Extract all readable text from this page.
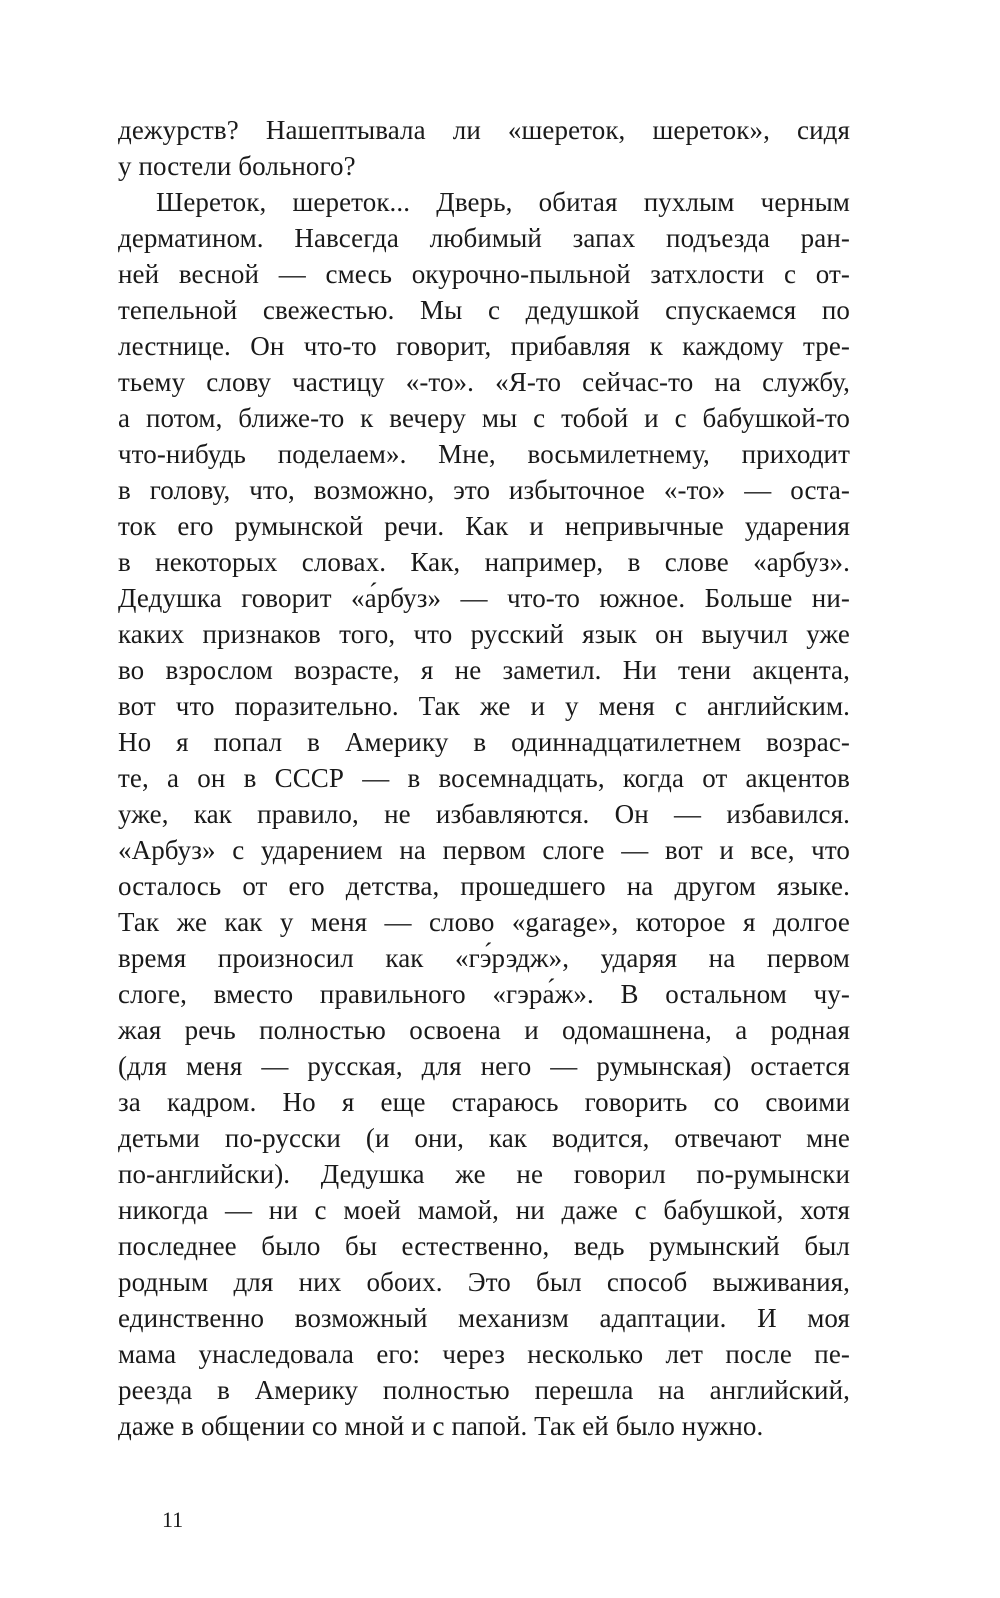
дежурств? Нашептывала ли «шереток, шереток», сидя
у постели больного?
Шереток, шереток... Дверь, обитая пухлым черным
дерматином. Навсегда любимый запах подъезда ран-
ней весной — смесь окурочно-пыльной затхлости с от-
тепельной свежестью. Мы с дедушкой спускаемся по
лестнице. Он что-то говорит, прибавляя к каждому тре-
тьему слову частицу «-то». «Я-то сейчас-то на службу,
а потом, ближе-то к вечеру мы с тобой и с бабушкой-то
что-нибудь поделаем». Мне, восьмилетнему, приходит
в голову, что, возможно, это избыточное «-то» — оста-
ток его румынской речи. Как и непривычные ударения
в некоторых словах. Как, например, в слове «арбуз».
Дедушка говорит «а́рбуз» — что-то южное. Больше ни-
каких признаков того, что русский язык он выучил уже
во взрослом возрасте, я не заметил. Ни тени акцента,
вот что поразительно. Так же и у меня с английским.
Но я попал в Америку в одиннадцатилетнем возрас-
те, а он в СССР — в восемнадцать, когда от акцентов
уже, как правило, не избавляются. Он — избавился.
«Арбуз» с ударением на первом слоге — вот и все, что
осталось от его детства, прошедшего на другом языке.
Так же как у меня — слово «garage», которое я долгое
время произносил как «гэ́рэдж», ударяя на первом
слоге, вместо правильного «гэра́ж». В остальном чу-
жая речь полностью освоена и одомашнена, а родная
(для меня — русская, для него — румынская) остается
за кадром. Но я еще стараюсь говорить со своими
детьми по-русски (и они, как водится, отвечают мне
по-английски). Дедушка же не говорил по-румынски
никогда — ни с моей мамой, ни даже с бабушкой, хотя
последнее было бы естественно, ведь румынский был
родным для них обоих. Это был способ выживания,
единственно возможный механизм адаптации. И моя
мама унаследовала его: через несколько лет после пе-
реезда в Америку полностью перешла на английский,
даже в общении со мной и с папой. Так ей было нужно.
11
